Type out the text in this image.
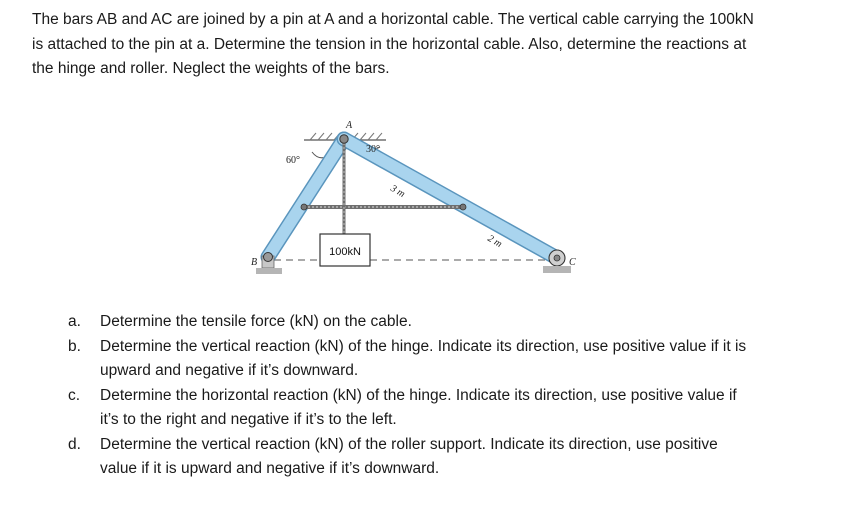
The bars AB and AC are joined by a pin at A and a horizontal cable. The vertical cable carrying the 100kN

is attached to the pin at a. Determine the tension in the horizontal cable. Also, determine the reactions at

the hinge and roller. Neglect the weights of the bars.

100kN
A
B	C
60°
30°
3 m
2 m
a. Determine the tensile force (kN) on the cable.
b. Determine the vertical reaction (kN) of the hinge. Indicate its direction, use positive value if it is
upward and negative if it’s downward.
c. Determine the horizontal reaction (kN) of the hinge. Indicate its direction, use positive value if
it’s to the right and negative if it’s to the left.
d. Determine the vertical reaction (kN) of the roller support. Indicate its direction, use positive
value if it is upward and negative if it’s downward.
